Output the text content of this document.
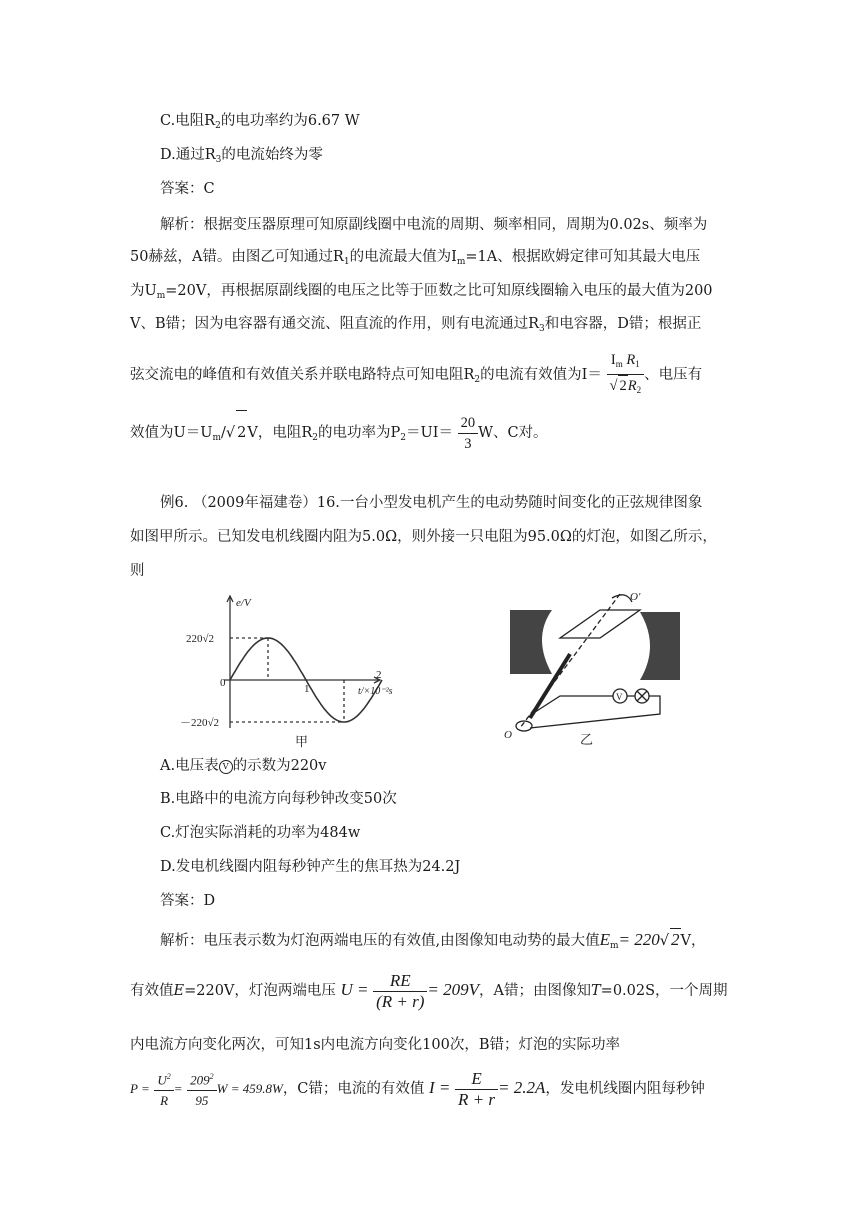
C.电阻$R_2$的电功率约为6.67 W
D.通过$R_3$的电流始终为零
答案：C
解析：根据变压器原理可知原副线圈中电流的周期、频率相同，周期为0.02s、频率为
50赫兹，A错。由图乙可知通过$R_1$的电流最大值为$I_m=1A$、根据欧姆定律可知其最大电压
为$U_m=20V$，再根据原副线圈的电压之比等于匝数之比可知原线圈输入电压的最大值为200
V、B错；因为电容器有通交流、阻直流的作用，则有电流通过$R_3$和电容器，D错；根据正
弦交流电的峰值和有效值关系并联电路特点可知电阻$R_2$的电流有效值为$I= \frac{I_m R_1}{√ 2R_2}$ 、电压有
效值为$U=U_m/√$ 2V，电阻$R_2$的电功率为$P_2=UI= \frac{20}{3}$ W、C对。
例6. （2009年福建卷）16.一台小型发电机产生的电动势随时间变化的正弦规律图象
如图甲所示。已知发电机线圈内阻为5.0Ω，则外接一只电阻为95.0Ω的灯泡，如图乙所示，
则
e/V
t/×10⁻²s
220√2
－220√2
0	1
2
甲
O'
O
V
乙
A.电压表 V 的示数为220v
B.电路中的电流方向每秒钟改变50次
C.灯泡实际消耗的功率为484w
D.发电机线圈内阻每秒钟产生的焦耳热为24.2J
答案：D
解析：电压表示数为灯泡两端电压的有效值,由图像知电动势的最大值$E_m= 220√$ 2V，
有效值E=220V，灯泡两端电压 $U = \frac{RE}{(R + r)} = 209V$，A错；由图像知T=0.02S，一个周期
内电流方向变化两次，可知1s内电流方向变化100次，B错；灯泡的实际功率
$P = \frac{U^2}{R} = \frac{209^2}{95}$ W = 459.8W，C错；电流的有效值 $I = \frac{E}{R + r} = 2.2A$，发电机线圈内阻每秒钟
